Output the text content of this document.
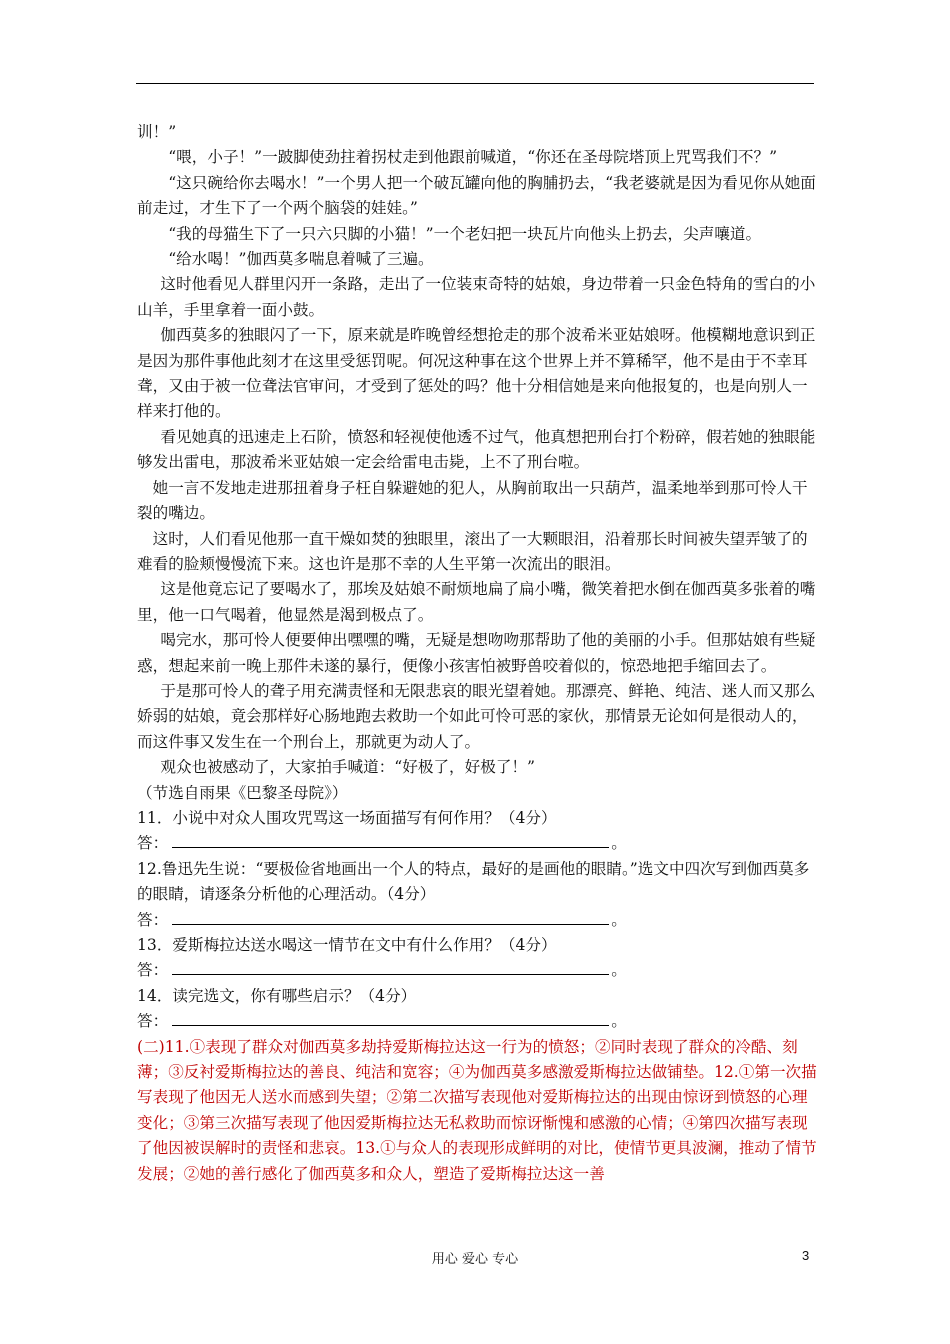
训！”

“喂，小子！”一跛脚使劲拄着拐杖走到他跟前喊道，“你还在圣母院塔顶上咒骂我们不？”

“这只碗给你去喝水！”一个男人把一个破瓦罐向他的胸脯扔去，“我老婆就是因为看见你从她面前走过，才生下了一个两个脑袋的娃娃。”

“我的母猫生下了一只六只脚的小猫！”一个老妇把一块瓦片向他头上扔去，尖声嚷道。

“给水喝！”伽西莫多喘息着喊了三遍。

这时他看见人群里闪开一条路，走出了一位装束奇特的姑娘，身边带着一只金色特角的雪白的小山羊，手里拿着一面小鼓。

伽西莫多的独眼闪了一下，原来就是昨晚曾经想抢走的那个波希米亚姑娘呀。他模糊地意识到正是因为那件事他此刻才在这里受惩罚呢。何况这种事在这个世界上并不算稀罕，他不是由于不幸耳聋，又由于被一位聋法官审问，才受到了惩处的吗？他十分相信她是来向他报复的，也是向别人一样来打他的。

看见她真的迅速走上石阶，愤怒和轻视使他透不过气，他真想把刑台打个粉碎，假若她的独眼能够发出雷电，那波希米亚姑娘一定会给雷电击毙，上不了刑台啦。

她一言不发地走进那扭着身子枉自躲避她的犯人，从胸前取出一只葫芦，温柔地举到那可怜人干裂的嘴边。

这时，人们看见他那一直干燥如焚的独眼里，滚出了一大颗眼泪，沿着那长时间被失望弄皱了的难看的脸颊慢慢流下来。这也许是那不幸的人生平第一次流出的眼泪。

这是他竟忘记了要喝水了，那埃及姑娘不耐烦地扁了扁小嘴，微笑着把水倒在伽西莫多张着的嘴里，他一口气喝着，他显然是渴到极点了。

喝完水，那可怜人便要伸出嘿嘿的嘴，无疑是想吻吻那帮助了他的美丽的小手。但那姑娘有些疑惑，想起来前一晚上那件未遂的暴行，便像小孩害怕被野兽咬着似的，惊恐地把手缩回去了。

于是那可怜人的聋子用充满责怪和无限悲哀的眼光望着她。那漂亮、鲜艳、纯洁、迷人而又那么娇弱的姑娘，竟会那样好心肠地跑去救助一个如此可怜可恶的家伙，那情景无论如何是很动人的，而这件事又发生在一个刑台上，那就更为动人了。

观众也被感动了，大家拍手喊道：“好极了，好极了！”

（节选自雨果《巴黎圣母院》）

11．小说中对众人围攻咒骂这一场面描写有何作用？（4分）

答：	。

12.鲁迅先生说：“要极俭省地画出一个人的特点，最好的是画他的眼睛。”选文中四次写到伽西莫多的眼睛，请逐条分析他的心理活动。（4分）

答：	。

13．爱斯梅拉达送水喝这一情节在文中有什么作用？（4分）

答：	。

14．读完选文，你有哪些启示？（4分）

答：	。

(二)11.①表现了群众对伽西莫多劫持爱斯梅拉达这一行为的愤怒；②同时表现了群众的冷酷、刻薄；③反衬爱斯梅拉达的善良、纯洁和宽容；④为伽西莫多感激爱斯梅拉达做铺垫。12.①第一次描写表现了他因无人送水而感到失望；②第二次描写表现他对爱斯梅拉达的出现由惊讶到愤怒的心理变化；③第三次描写表现了他因爱斯梅拉达无私救助而惊讶惭愧和感激的心情；④第四次描写表现了他因被误解时的责怪和悲哀。13.①与众人的表现形成鲜明的对比，使情节更具波澜，推动了情节发展；②她的善行感化了伽西莫多和众人，塑造了爱斯梅拉达这一善

用心 爱心 专心	3
